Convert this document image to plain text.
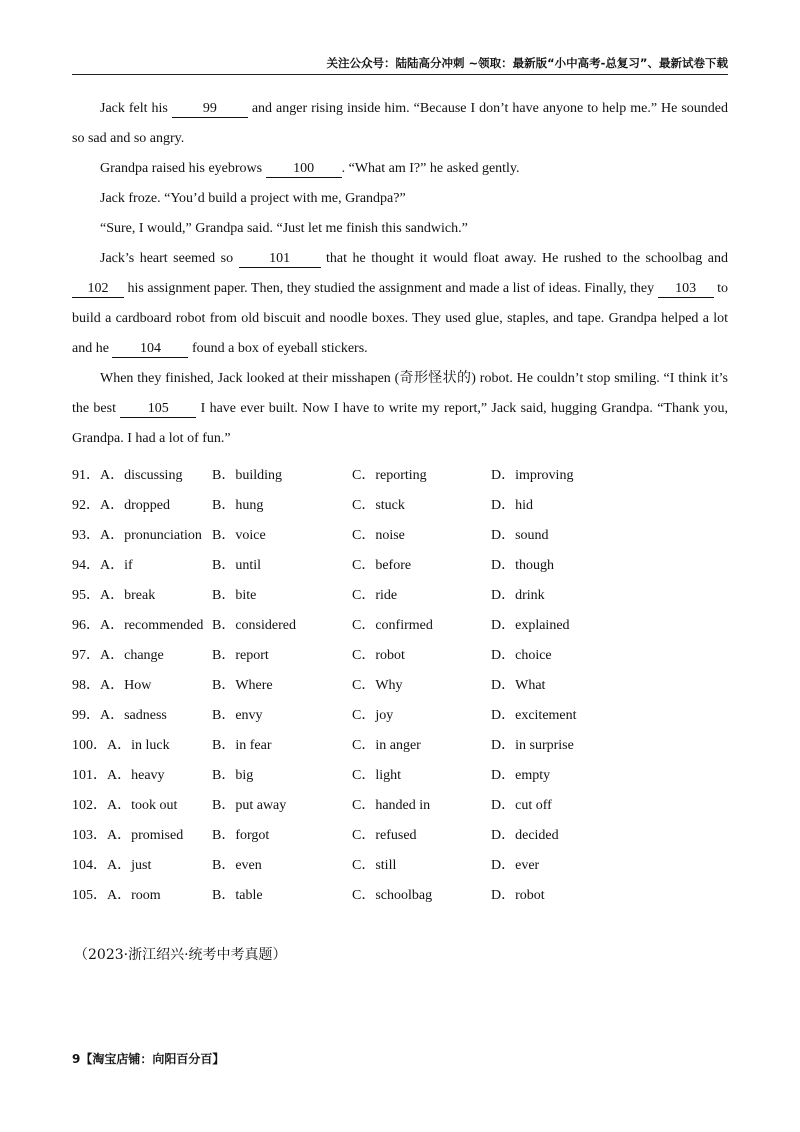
关注公众号：陆陆高分冲刺 ~领取：最新版“小中高考-总复习”、最新试卷下载

Jack felt his 99 and anger rising inside him. “Because I don’t have anyone to help me.” He sounded so sad and so angry.

Grandpa raised his eyebrows 100 . “What am I?” he asked gently.

Jack froze. “You’d build a project with me, Grandpa?”

“Sure, I would,” Grandpa said. “Just let me finish this sandwich.”

Jack’s heart seemed so 101 that he thought it would float away. He rushed to the schoolbag and 102 his assignment paper. Then, they studied the assignment and made a list of ideas. Finally, they 103 to build a cardboard robot from old biscuit and noodle boxes. They used glue, staples, and tape. Grandpa helped a lot and he 104 found a box of eyeball stickers.

When they finished, Jack looked at their misshapen (奇形怪状的) robot. He couldn’t stop smiling. “I think it’s the best 105 I have ever built. Now I have to write my report,” Jack said, hugging Grandpa. “Thank you, Grandpa. I had a lot of fun.”

91．A．discussing B．building	C．reporting	D．improving
92．A．dropped	B．hung	C．stuck	D．hid
93．A．pronunciation B．voice	C．noise	D．sound
94．A．if	B．until	C．before	D．though
95．A．break	B．bite	C．ride	D．drink
96．A．recommended B．considered	C．confirmed	D．explained
97．A．change	B．report	C．robot	D．choice
98．A．How	B．Where	C．Why	D．What
99．A．sadness	B．envy	C．joy	D．excitement
100．A．in luck	B．in fear	C．in anger	D．in surprise
101．A．heavy	B．big	C．light	D．empty
102．A．took out B．put away	C．handed in	D．cut off
103．A．promised B．forgot	C．refused	D．decided
104．A．just	B．even	C．still	D．ever
105．A．room	B．table	C．schoolbag	D．robot
（2023·浙江绍兴·统考中考真题）
9【淘宝店铺：向阳百分百】
